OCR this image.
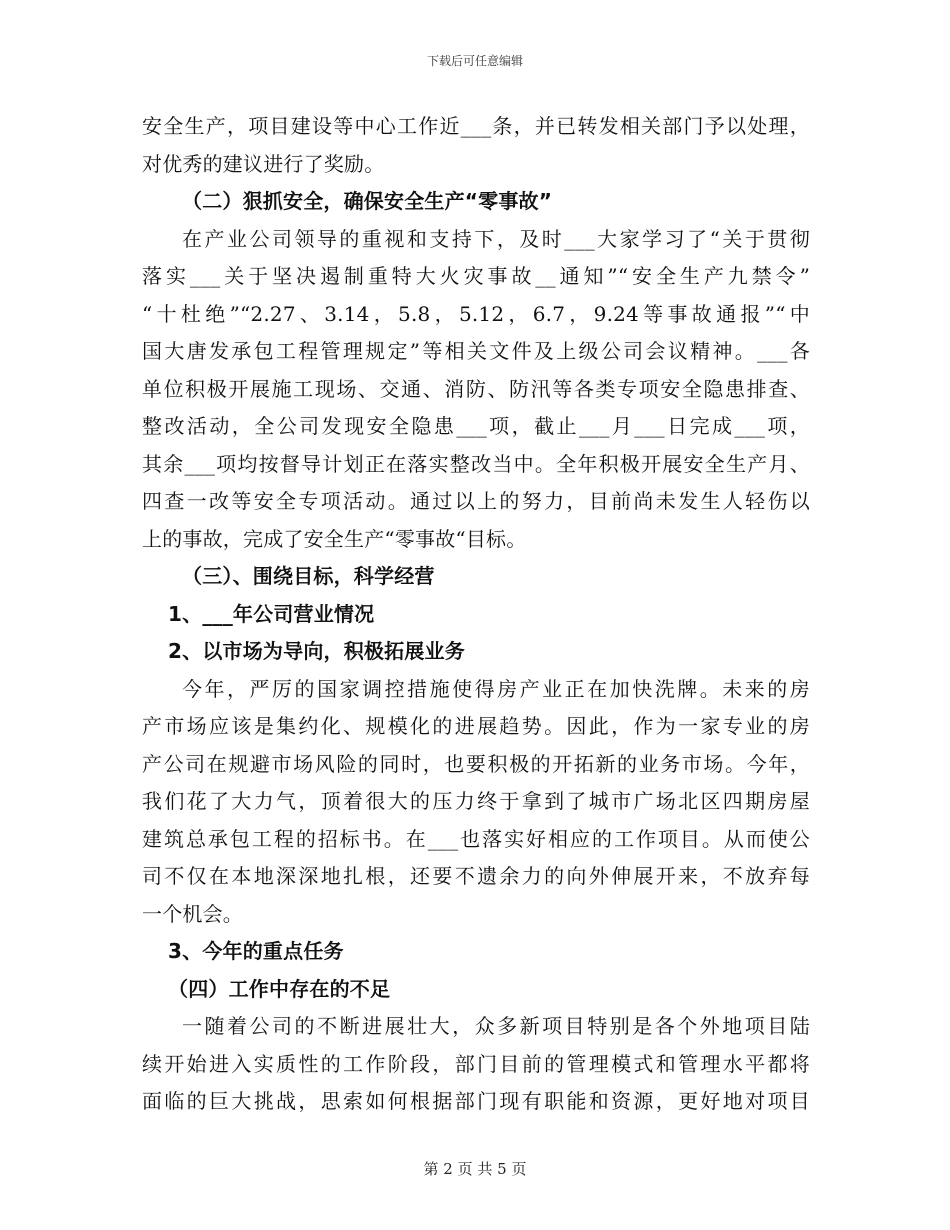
下载后可任意编辑
安全生产，项目建设等中心工作近___条，并已转发相关部门予以处理，
对优秀的建议进行了奖励。
（二）狠抓安全，确保安全生产“零事故”
在产业公司领导的重视和支持下，及时___大家学习了“关于贯彻
落实___关于坚决遏制重特大火灾事故__通知”“安全生产九禁令”
“十杜绝”“2.27、3.14，5.8，5.12，6.7，9.24等事故通报”“中
国大唐发承包工程管理规定”等相关文件及上级公司会议精神。___各
单位积极开展施工现场、交通、消防、防汛等各类专项安全隐患排查、
整改活动，全公司发现安全隐患___项，截止___月___日完成___项，
其余___项均按督导计划正在落实整改当中。全年积极开展安全生产月、
四查一改等安全专项活动。通过以上的努力，目前尚未发生人轻伤以
上的事故，完成了安全生产“零事故“目标。
（三）、围绕目标，科学经营
1、___年公司营业情况
2、以市场为导向，积极拓展业务
今年，严厉的国家调控措施使得房产业正在加快洗牌。未来的房
产市场应该是集约化、规模化的进展趋势。因此，作为一家专业的房
产公司在规避市场风险的同时，也要积极的开拓新的业务市场。今年，
我们花了大力气，顶着很大的压力终于拿到了城市广场北区四期房屋
建筑总承包工程的招标书。在___也落实好相应的工作项目。从而使公
司不仅在本地深深地扎根，还要不遗余力的向外伸展开来，不放弃每
一个机会。
3、今年的重点任务
（四）工作中存在的不足
一随着公司的不断进展壮大，众多新项目特别是各个外地项目陆
续开始进入实质性的工作阶段，部门目前的管理模式和管理水平都将
面临的巨大挑战，思索如何根据部门现有职能和资源，更好地对项目
第 2 页 共 5 页
